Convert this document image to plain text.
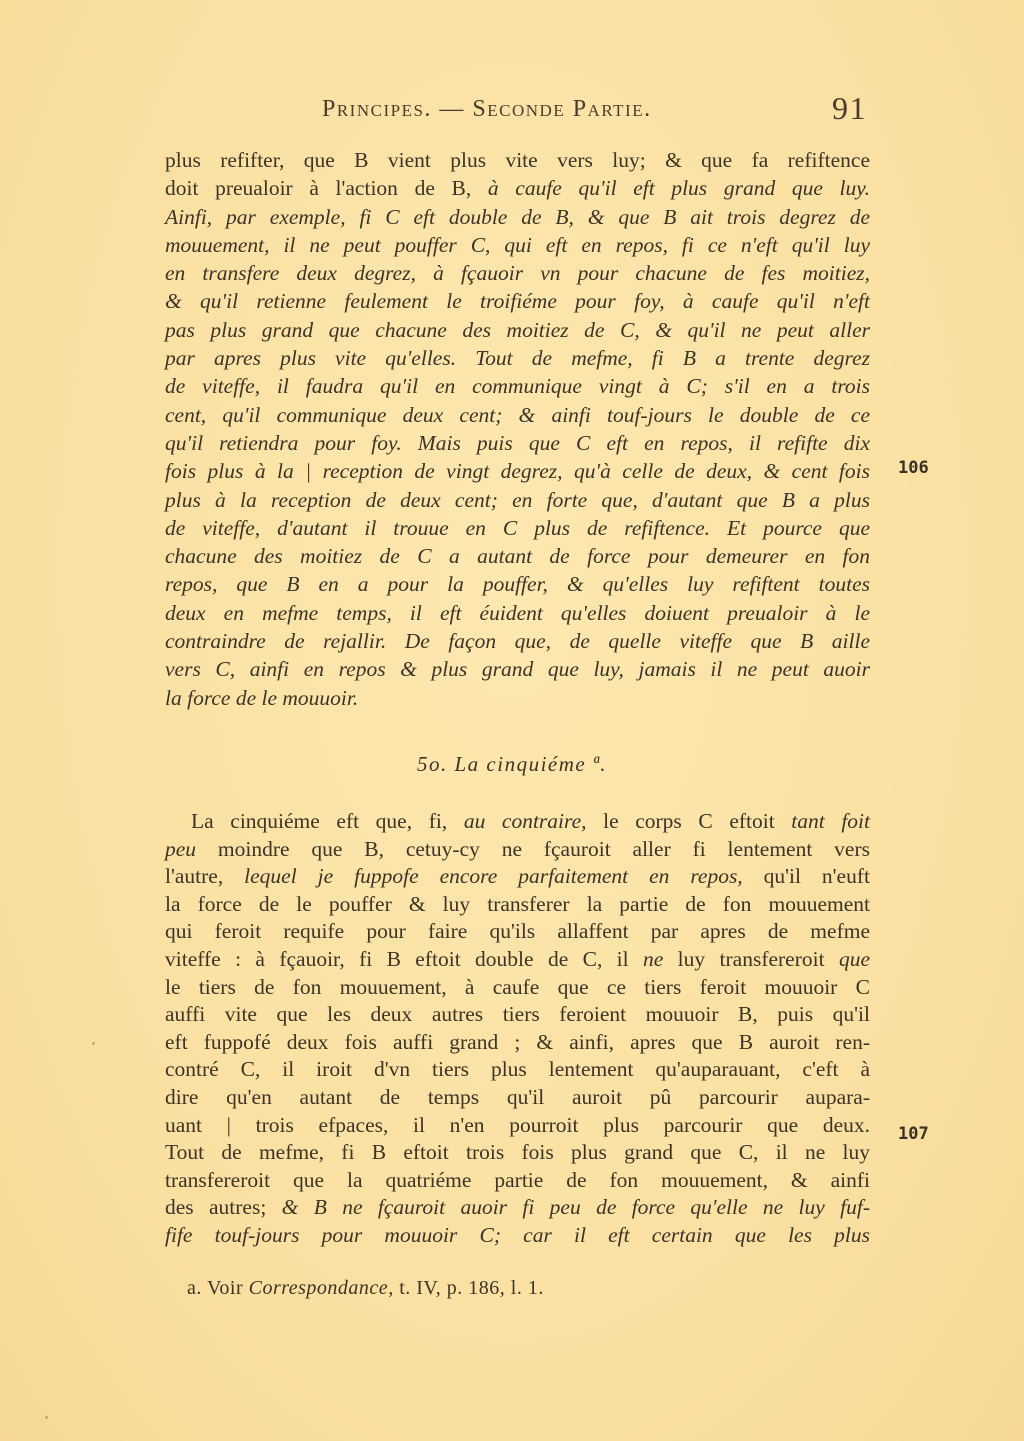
Principes. — Seconde Partie.	91
plus refifter, que B vient plus vite vers luy; & que fa refiftence
doit preualoir à l'action de B, à caufe qu'il eft plus grand que luy.
Ainfi, par exemple, fi C eft double de B, & que B ait trois degrez de
mouuement, il ne peut pouffer C, qui eft en repos, fi ce n'eft qu'il luy
en transfere deux degrez, à fçauoir vn pour chacune de fes moitiez,
& qu'il retienne feulement le troifiéme pour foy, à caufe qu'il n'eft
pas plus grand que chacune des moitiez de C, & qu'il ne peut aller
par apres plus vite qu'elles. Tout de mefme, fi B a trente degrez
de viteffe, il faudra qu'il en communique vingt à C; s'il en a trois
cent, qu'il communique deux cent; & ainfi touf-jours le double de ce
qu'il retiendra pour foy. Mais puis que C eft en repos, il refifte dix
fois plus à la | reception de vingt degrez, qu'à celle de deux, & cent fois
plus à la reception de deux cent; en forte que, d'autant que B a plus
de viteffe, d'autant il trouue en C plus de refiftence. Et pource que
chacune des moitiez de C a autant de force pour demeurer en fon
repos, que B en a pour la pouffer, & qu'elles luy refiftent toutes
deux en mefme temps, il eft éuident qu'elles doiuent preualoir à le
contraindre de rejallir. De façon que, de quelle viteffe que B aille
vers C, ainfi en repos & plus grand que luy, jamais il ne peut auoir
la force de le mouuoir.
106
5o. La cinquiéme ª.
La cinquiéme eft que, fi, au contraire, le corps C eftoit tant foit
peu moindre que B, cetuy-cy ne fçauroit aller fi lentement vers
l'autre, lequel je fuppofe encore parfaitement en repos, qu'il n'euft
la force de le pouffer & luy transferer la partie de fon mouuement
qui feroit requife pour faire qu'ils allaffent par apres de mefme
viteffe : à fçauoir, fi B eftoit double de C, il ne luy transfereroit que
le tiers de fon mouuement, à caufe que ce tiers feroit mouuoir C
auffi vite que les deux autres tiers feroient mouuoir B, puis qu'il
eft fuppofé deux fois auffi grand ; & ainfi, apres que B auroit ren-
contré C, il iroit d'vn tiers plus lentement qu'auparauant, c'eft à
dire qu'en autant de temps qu'il auroit pû parcourir aupara-
uant | trois efpaces, il n'en pourroit plus parcourir que deux.
Tout de mefme, fi B eftoit trois fois plus grand que C, il ne luy
transfereroit que la quatriéme partie de fon mouuement, & ainfi
des autres; & B ne fçauroit auoir fi peu de force qu'elle ne luy fuf-
fife touf-jours pour mouuoir C; car il eft certain que les plus
107
a. Voir Correspondance, t. IV, p. 186, l. 1.
